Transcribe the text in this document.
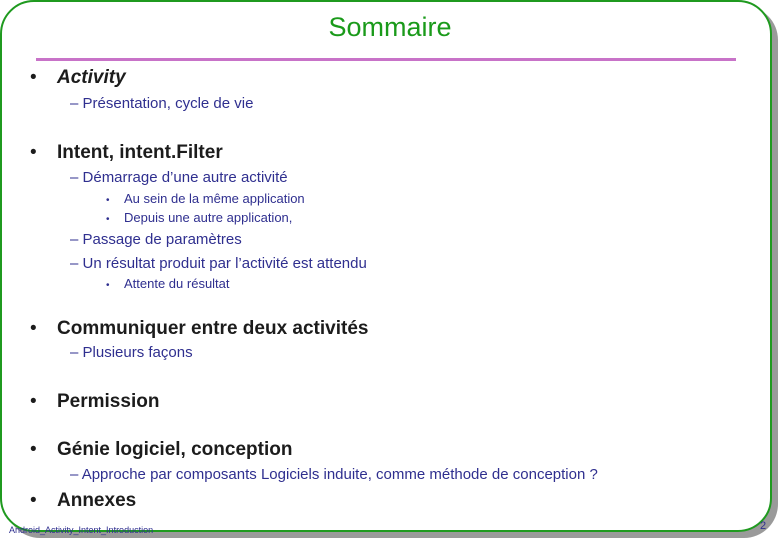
Sommaire
• Activity
– Présentation, cycle de vie
• Intent, intent.Filter
– Démarrage d’une autre activité
• Au sein de la même application
• Depuis une autre application,
– Passage de paramètres
– Un résultat produit par l’activité est attendu
• Attente du résultat
• Communiquer entre deux activités
– Plusieurs façons
• Permission
• Génie logiciel, conception
– Approche par composants Logiciels induite, comme méthode de conception ?
• Annexes
Android_Activity_Intent_Introduction	2
